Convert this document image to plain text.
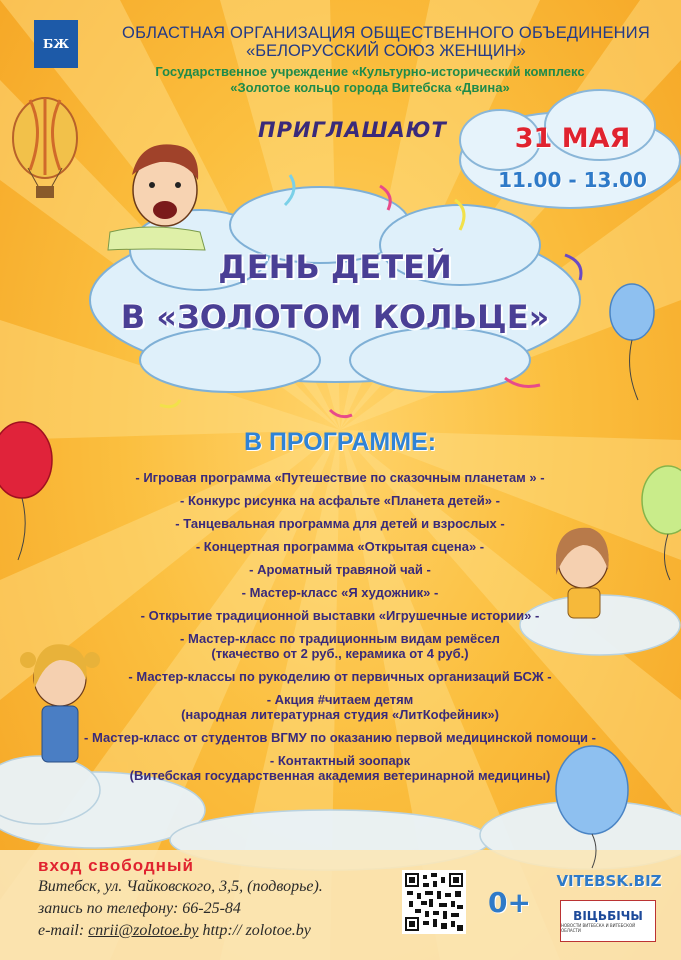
БЖ
ОБЛАСТНАЯ ОРГАНИЗАЦИЯ ОБЩЕСТВЕННОГО ОБЪЕДИНЕНИЯ
«БЕЛОРУССКИЙ СОЮЗ ЖЕНЩИН»
Государственное учреждение «Культурно-исторический комплекс
«Золотое кольцо города Витебска «Двина»
ПРИГЛАШАЮТ	31 МАЯ
11.00 - 13.00
ДЕНЬ ДЕТЕЙ
В «ЗОЛОТОМ КОЛЬЦЕ»
В ПРОГРАММЕ:
- Игровая программа «Путешествие по сказочным планетам » -
- Конкурс рисунка на асфальте «Планета детей» -
- Танцевальная программа для детей и взрослых -
- Концертная программа «Открытая сцена» -
- Ароматный травяной чай -
- Мастер-класс «Я художник» -
- Открытие традиционной выставки «Игрушечные истории» -
- Мастер-класс по традиционным видам ремёсел
(ткачество от 2 руб., керамика от 4 руб.)
- Мастер-классы по рукоделию от первичных организаций БСЖ -
- Акция #читаем детям
(народная литературная студия «ЛитКофейник»)
- Мастер-класс от студентов ВГМУ по оказанию первой медицинской помощи -
- Контактный зоопарк
(Витебская государственная академия ветеринарной медицины)
вход свободный
Витебск, ул. Чайковского, 3,5, (подворье).
запись по телефону: 66-25-84
e-mail: cnrii@zolotoe.by http:// zolotoe.by
0+
VITEBSK.BIZ
ВІЦЬБІЧЫ
НОВОСТИ ВИТЕБСКА И ВИТЕБСКОЙ ОБЛАСТИ
